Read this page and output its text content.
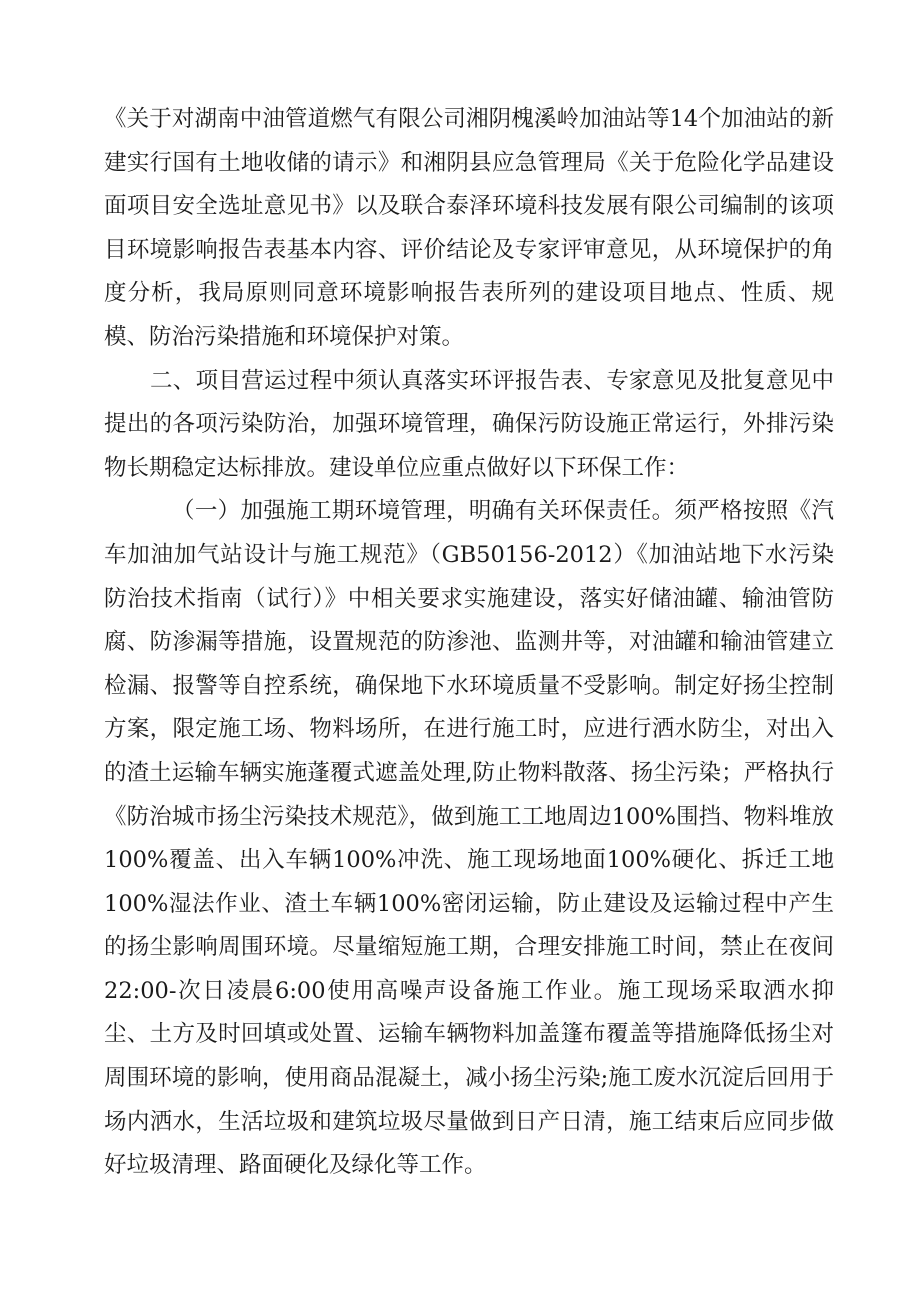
《关于对湖南中油管道燃气有限公司湘阴槐溪岭加油站等14个加油站的新建实行国有土地收储的请示》和湘阴县应急管理局《关于危险化学品建设面项目安全选址意见书》以及联合泰泽环境科技发展有限公司编制的该项目环境影响报告表基本内容、评价结论及专家评审意见，从环境保护的角度分析，我局原则同意环境影响报告表所列的建设项目地点、性质、规模、防治污染措施和环境保护对策。

二、项目营运过程中须认真落实环评报告表、专家意见及批复意见中提出的各项污染防治，加强环境管理，确保污防设施正常运行，外排污染物长期稳定达标排放。建设单位应重点做好以下环保工作：

（一）加强施工期环境管理，明确有关环保责任。须严格按照《汽车加油加气站设计与施工规范》（GB50156-2012）《加油站地下水污染防治技术指南（试行）》中相关要求实施建设，落实好储油罐、输油管防腐、防渗漏等措施，设置规范的防渗池、监测井等，对油罐和输油管建立检漏、报警等自控系统，确保地下水环境质量不受影响。制定好扬尘控制方案，限定施工场、物料场所，在进行施工时，应进行洒水防尘，对出入的渣土运输车辆实施蓬覆式遮盖处理,防止物料散落、扬尘污染；严格执行《防治城市扬尘污染技术规范》，做到施工工地周边100%围挡、物料堆放100%覆盖、出入车辆100%冲洗、施工现场地面100%硬化、拆迁工地100%湿法作业、渣土车辆100%密闭运输，防止建设及运输过程中产生的扬尘影响周围环境。尽量缩短施工期，合理安排施工时间，禁止在夜间22:00-次日凌晨6:00使用高噪声设备施工作业。施工现场采取洒水抑尘、土方及时回填或处置、运输车辆物料加盖篷布覆盖等措施降低扬尘对周围环境的影响，使用商品混凝土，减小扬尘污染;施工废水沉淀后回用于场内洒水，生活垃圾和建筑垃圾尽量做到日产日清，施工结束后应同步做好垃圾清理、路面硬化及绿化等工作。
